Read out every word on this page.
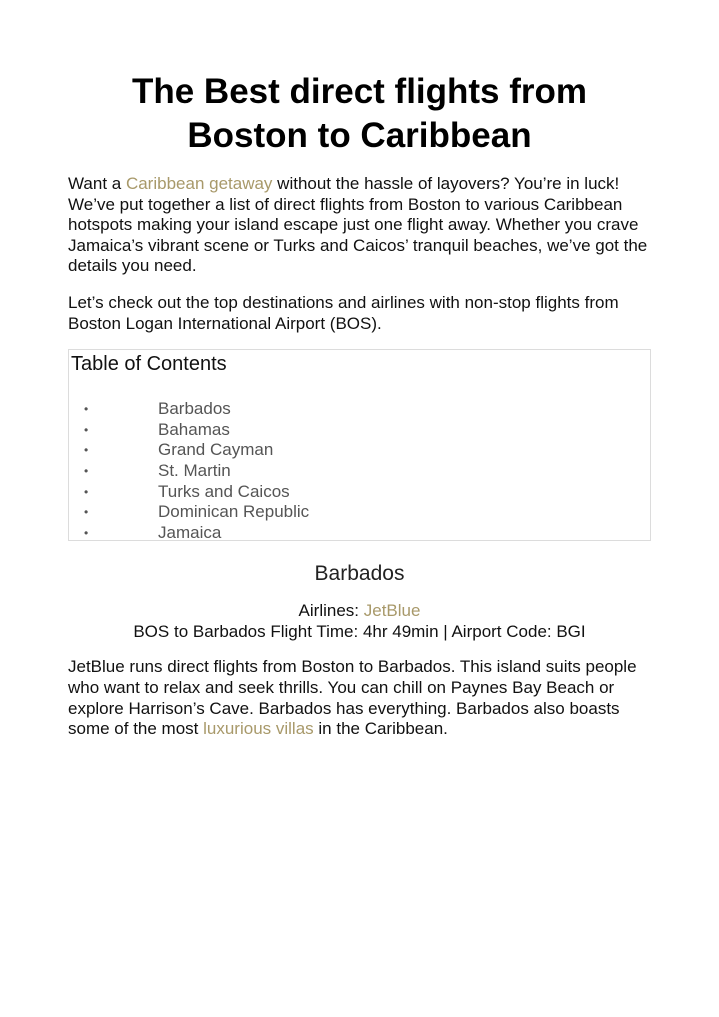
The Best direct flights from Boston to Caribbean

Want a Caribbean getaway without the hassle of layovers? You’re in luck! We’ve put together a list of direct flights from Boston to various Caribbean hotspots making your island escape just one flight away. Whether you crave Jamaica’s vibrant scene or Turks and Caicos’ tranquil beaches, we’ve got the details you need.

Let’s check out the top destinations and airlines with non-stop flights from Boston Logan International Airport (BOS).

Table of Contents
•	Barbados
•	Bahamas
•	Grand Cayman
•	St. Martin
•	Turks and Caicos
•	Dominican Republic
•	Jamaica
Barbados
Airlines: JetBlue
BOS to Barbados Flight Time: 4hr 49min | Airport Code: BGI

JetBlue runs direct flights from Boston to Barbados. This island suits people who want to relax and seek thrills. You can chill on Paynes Bay Beach or explore Harrison’s Cave. Barbados has everything. Barbados also boasts some of the most luxurious villas in the Caribbean.
